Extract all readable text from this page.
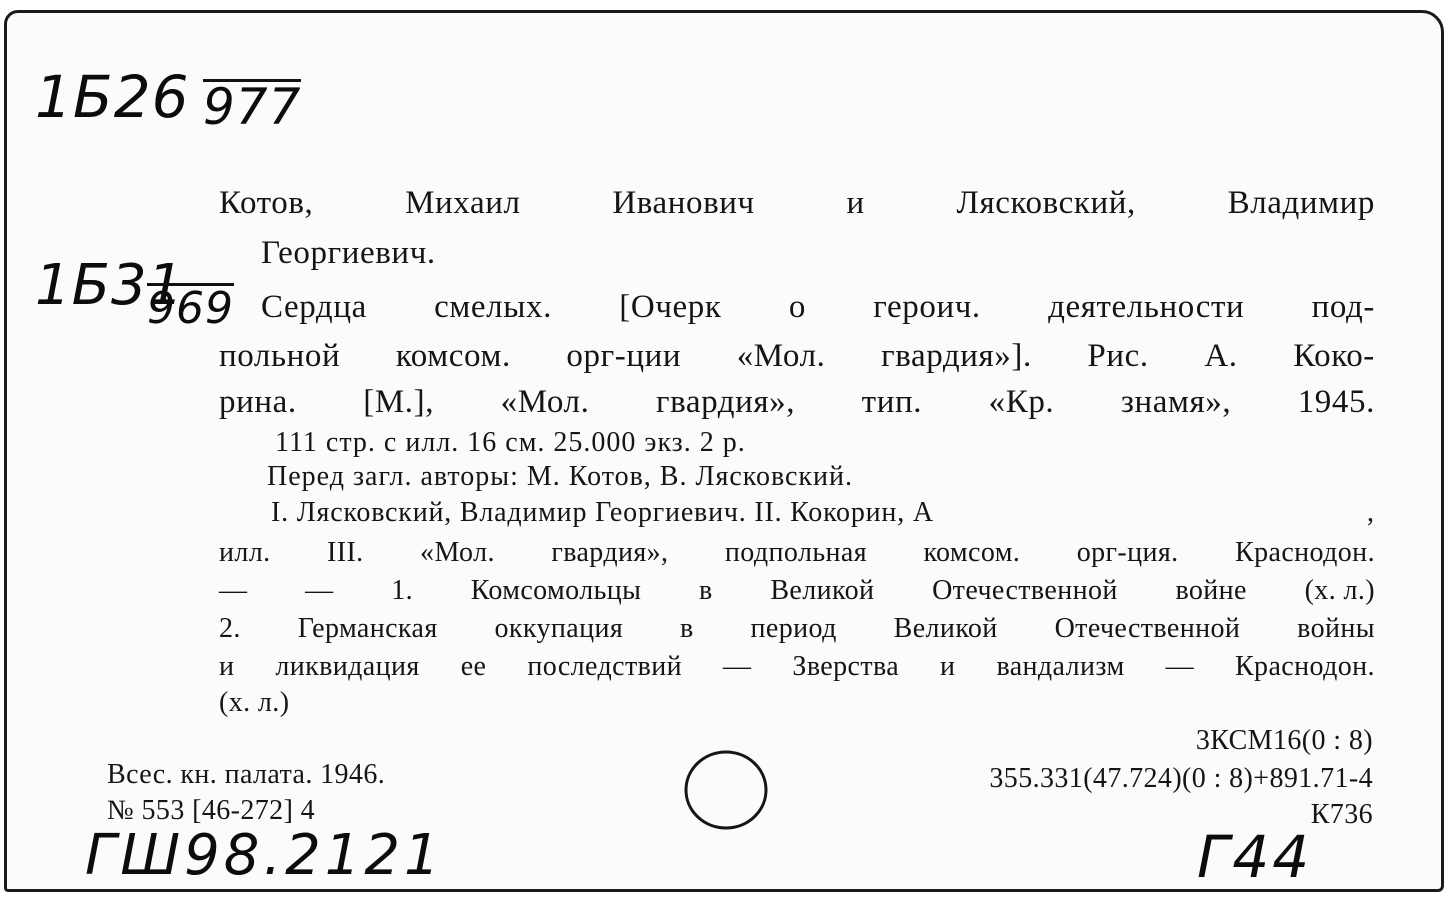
1Б26 977
1Б31
969
Котов,	Михаил	Иванович	и	Лясковский,	Владимир
Георгиевич.
Сердца смелых. [Очерк о героич. деятельности под-
польной комсом. орг-ции «Мол. гвардия»]. Рис. А. Коко-
рина. [М.], «Мол. гвардия», тип. «Кр. знамя», 1945.
111 стр. с илл. 16 см. 25.000 экз. 2 р.
Перед загл. авторы: М. Котов, В. Лясковский.
I. Лясковский, Владимир Георгиевич. II. Кокорин, А	,
илл. III. «Мол. гвардия», подпольная комсом. орг-ция. Краснодон.
— — 1. Комсомольцы в Великой Отечественной войне (х. л.)
2. Германская оккупация в период Великой Отечественной войны
и ликвидация ее последствий — Зверства и вандализм — Краснодон.
(х. л.)
3КСМ16(0 : 8)
355.331(47.724)(0 : 8)+891.71-4
К736
Всес. кн. палата. 1946.
№ 553 [46-272] 4
ГШ98.2121	Г44
